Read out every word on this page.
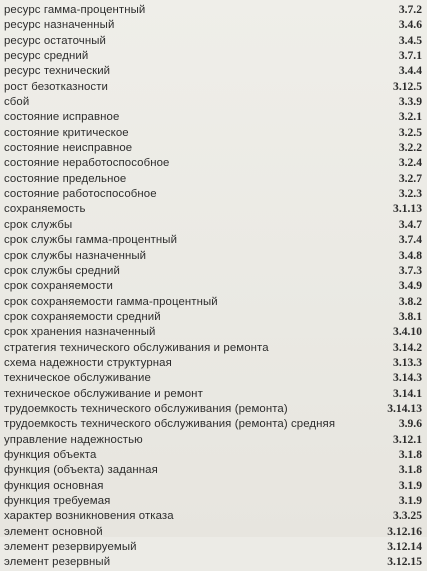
ресурс гамма-процентный	3.7.2
ресурс назначенный	3.4.6
ресурс остаточный	3.4.5
ресурс средний	3.7.1
ресурс технический	3.4.4
рост безотказности	3.12.5
сбой	3.3.9
состояние исправное	3.2.1
состояние критическое	3.2.5
состояние неисправное	3.2.2
состояние неработоспособное	3.2.4
состояние предельное	3.2.7
состояние работоспособное	3.2.3
сохраняемость	3.1.13
срок службы	3.4.7
срок службы гамма-процентный	3.7.4
срок службы назначенный	3.4.8
срок службы средний	3.7.3
срок сохраняемости	3.4.9
срок сохраняемости гамма-процентный	3.8.2
срок сохраняемости средний	3.8.1
срок хранения назначенный	3.4.10
стратегия технического обслуживания и ремонта	3.14.2
схема надежности структурная	3.13.3
техническое обслуживание	3.14.3
техническое обслуживание и ремонт	3.14.1
трудоемкость технического обслуживания (ремонта)	3.14.13
трудоемкость технического обслуживания (ремонта) средняя	3.9.6
управление надежностью	3.12.1
функция объекта	3.1.8
функция (объекта) заданная	3.1.8
функция основная	3.1.9
функция требуемая	3.1.9
характер возникновения отказа	3.3.25
элемент основной	3.12.16
элемент резервируемый	3.12.14
элемент резервный	3.12.15
